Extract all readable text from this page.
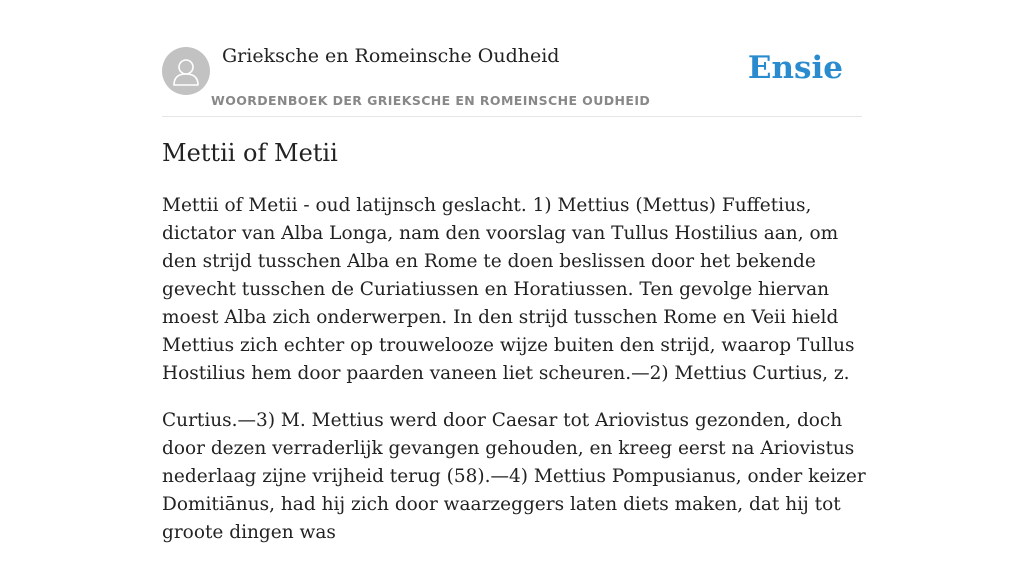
Grieksche en Romeinsche Oudheid
WOORDENBOEK DER GRIEKSCHE EN ROMEINSCHE OUDHEID
Ensie
Mettii of Metii

Mettii of Metii - oud latijnsch geslacht. 1) Mettius (Mettus) Fuffetius, dictator van Alba Longa, nam den voorslag van Tullus Hostilius aan, om den strijd tusschen Alba en Rome te doen beslissen door het bekende gevecht tusschen de Curiatiussen en Horatiussen. Ten gevolge hiervan moest Alba zich onderwerpen. In den strijd tusschen Rome en Veii hield Mettius zich echter op trouwelooze wijze buiten den strijd, waarop Tullus Hostilius hem door paarden vaneen liet scheuren.—2) Mettius Curtius, z.

Curtius.—3) M. Mettius werd door Caesar tot Ariovistus gezonden, doch door dezen verraderlijk gevangen gehouden, en kreeg eerst na Ariovistus nederlaag zijne vrijheid terug (58).—4) Mettius Pompusianus, onder keizer Domitiānus, had hij zich door waarzeggers laten diets maken, dat hij tot groote dingen was
